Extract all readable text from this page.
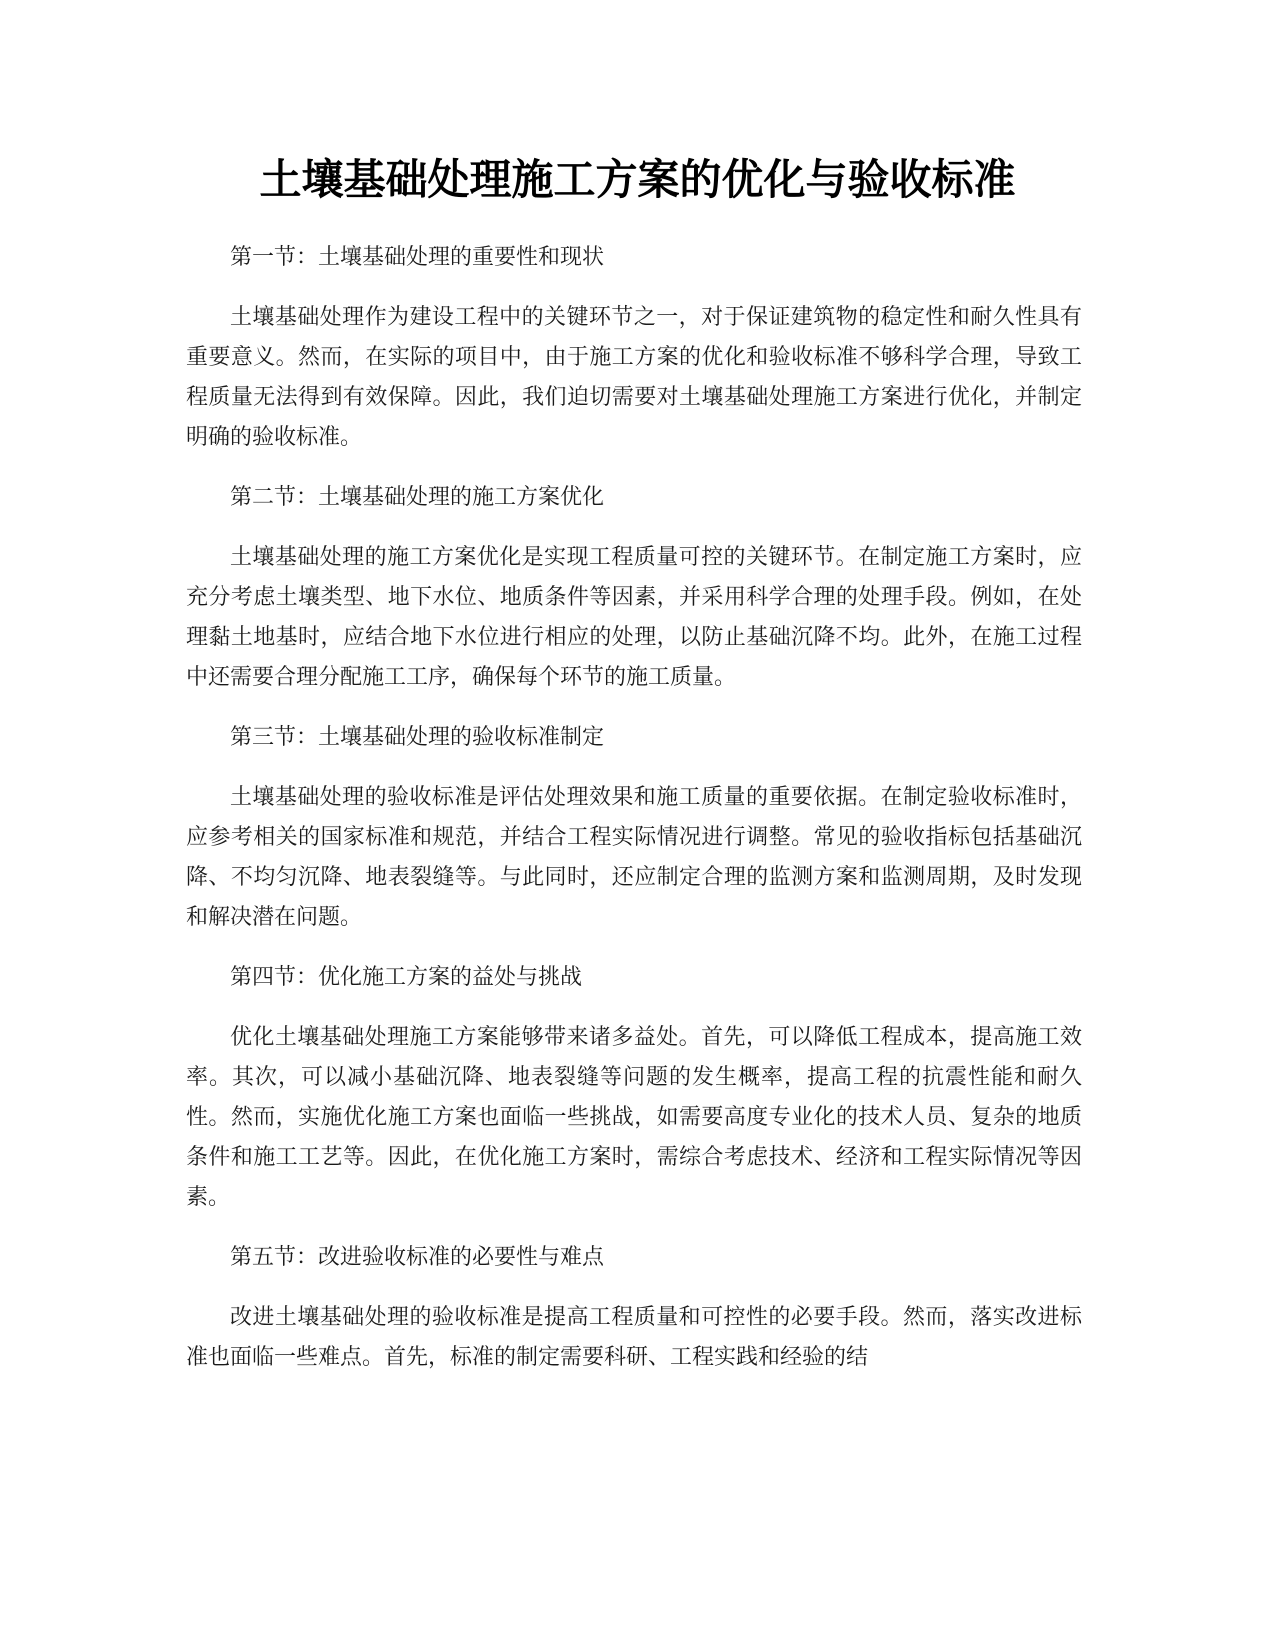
土壤基础处理施工方案的优化与验收标准

第一节：土壤基础处理的重要性和现状

土壤基础处理作为建设工程中的关键环节之一，对于保证建筑物的稳定性和耐久性具有重要意义。然而，在实际的项目中，由于施工方案的优化和验收标准不够科学合理，导致工程质量无法得到有效保障。因此，我们迫切需要对土壤基础处理施工方案进行优化，并制定明确的验收标准。

第二节：土壤基础处理的施工方案优化

土壤基础处理的施工方案优化是实现工程质量可控的关键环节。在制定施工方案时，应充分考虑土壤类型、地下水位、地质条件等因素，并采用科学合理的处理手段。例如，在处理黏土地基时，应结合地下水位进行相应的处理，以防止基础沉降不均。此外，在施工过程中还需要合理分配施工工序，确保每个环节的施工质量。

第三节：土壤基础处理的验收标准制定

土壤基础处理的验收标准是评估处理效果和施工质量的重要依据。在制定验收标准时，应参考相关的国家标准和规范，并结合工程实际情况进行调整。常见的验收指标包括基础沉降、不均匀沉降、地表裂缝等。与此同时，还应制定合理的监测方案和监测周期，及时发现和解决潜在问题。

第四节：优化施工方案的益处与挑战

优化土壤基础处理施工方案能够带来诸多益处。首先，可以降低工程成本，提高施工效率。其次，可以减小基础沉降、地表裂缝等问题的发生概率，提高工程的抗震性能和耐久性。然而，实施优化施工方案也面临一些挑战，如需要高度专业化的技术人员、复杂的地质条件和施工工艺等。因此，在优化施工方案时，需综合考虑技术、经济和工程实际情况等因素。

第五节：改进验收标准的必要性与难点

改进土壤基础处理的验收标准是提高工程质量和可控性的必要手段。然而，落实改进标准也面临一些难点。首先，标准的制定需要科研、工程实践和经验的结
